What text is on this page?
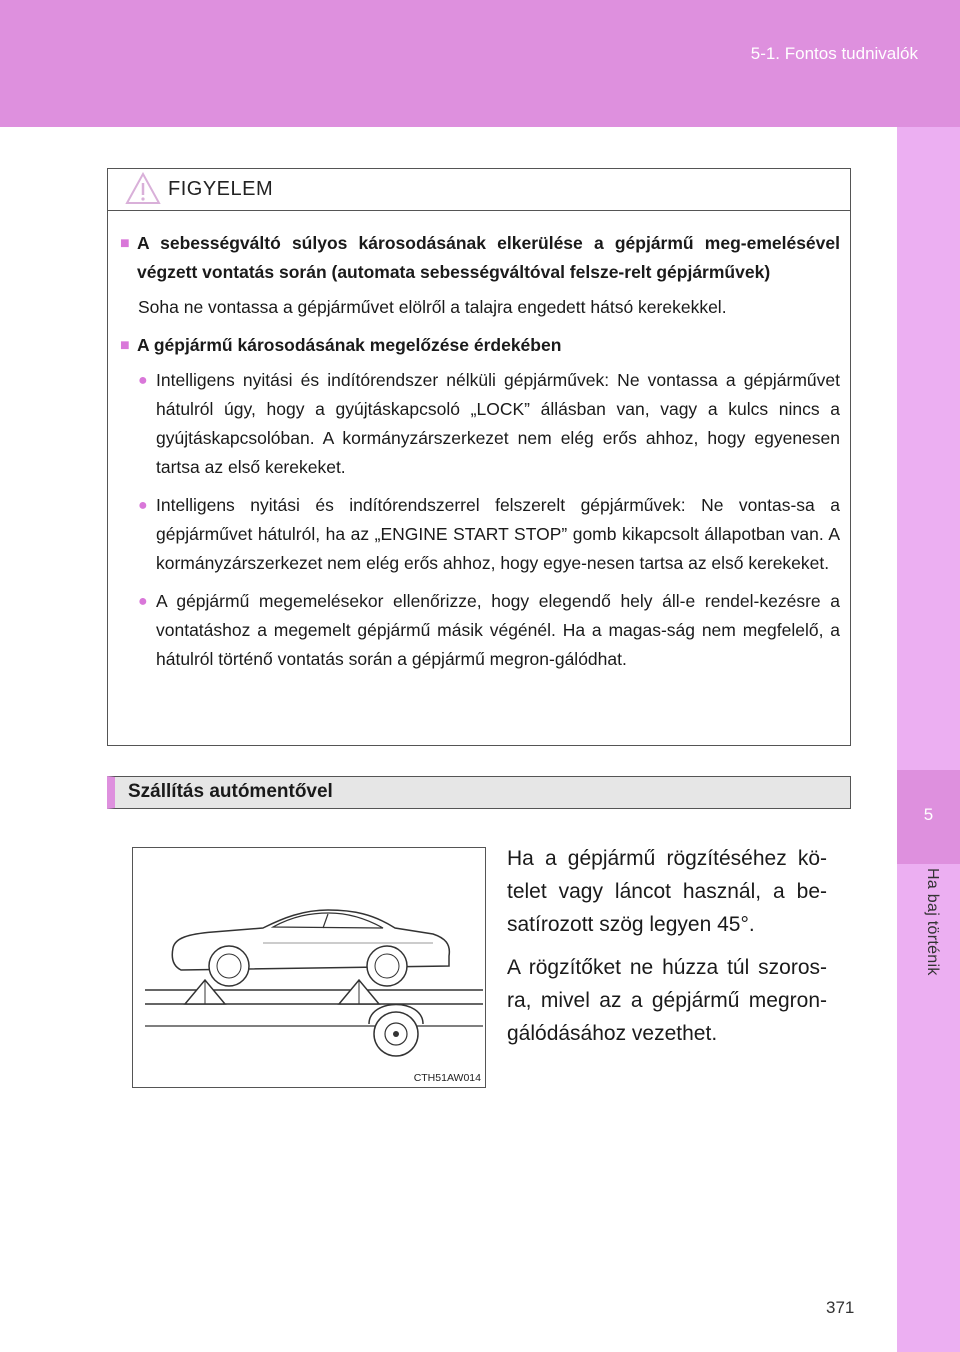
5-1. Fontos tudnivalók
5
Ha baj történik
FIGYELEM
■ A sebességváltó súlyos károsodásának elkerülése a gépjármű meg-emelésével végzett vontatás során (automata sebességváltóval felsze-relt gépjárművek)

Soha ne vontassa a gépjárművet elölről a talajra engedett hátsó kerekekkel.

■ A gépjármű károsodásának megelőzése érdekében
● Intelligens nyitási és indítórendszer nélküli gépjárművek: Ne vontassa a gépjárművet hátulról úgy, hogy a gyújtáskapcsoló „LOCK” állásban van, vagy a kulcs nincs a gyújtáskapcsolóban. A kormányzárszerkezet nem elég erős ahhoz, hogy egyenesen tartsa az első kerekeket.
● Intelligens nyitási és indítórendszerrel felszerelt gépjárművek: Ne vontas-sa a gépjárművet hátulról, ha az „ENGINE START STOP” gomb kikapcsolt állapotban van. A kormányzárszerkezet nem elég erős ahhoz, hogy egye-nesen tartsa az első kerekeket.
● A gépjármű megemelésekor ellenőrizze, hogy elegendő hely áll-e rendel-kezésre a vontatáshoz a megemelt gépjármű másik végénél. Ha a magas-ság nem megfelelő, a hátulról történő vontatás során a gépjármű megron-gálódhat.
Szállítás autómentővel
CTH51AW014

Ha a gépjármű rögzítéséhez kö-telet vagy láncot használ, a be-satírozott szög legyen 45°.

A rögzítőket ne húzza túl szoros-ra, mivel az a gépjármű megron-gálódásához vezethet.

371
